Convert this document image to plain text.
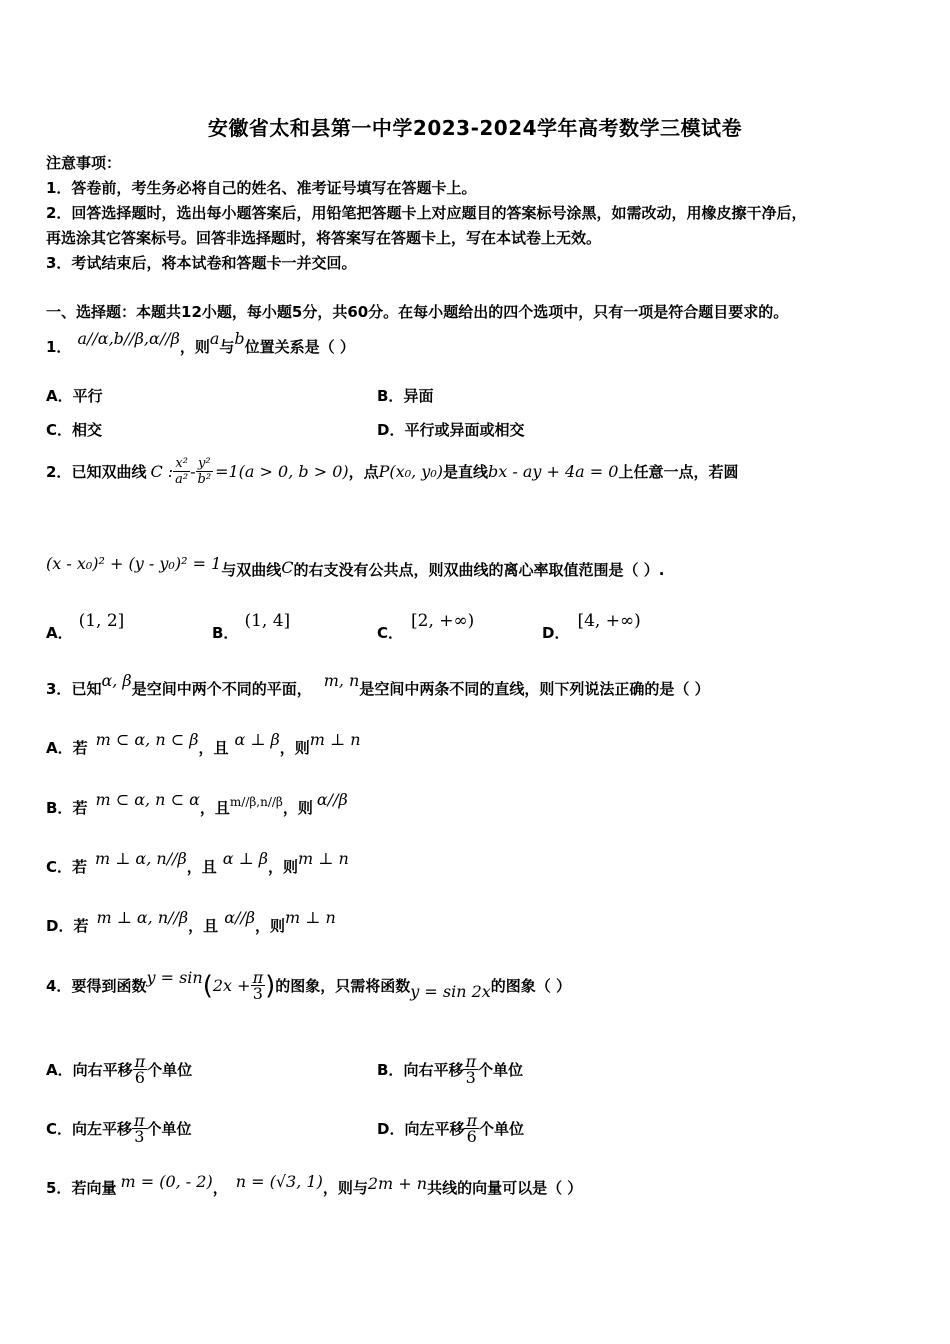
安徽省太和县第一中学2023-2024学年高考数学三模试卷
注意事项：
1．答卷前，考生务必将自己的姓名、准考证号填写在答题卡上。
2．回答选择题时，选出每小题答案后，用铅笔把答题卡上对应题目的答案标号涂黑，如需改动，用橡皮擦干净后，
再选涂其它答案标号。回答非选择题时，将答案写在答题卡上，写在本试卷上无效。
3．考试结束后，将本试卷和答题卡一并交回。
一、选择题：本题共12小题，每小题5分，共60分。在每小题给出的四个选项中，只有一项是符合题目要求的。
1． a//α,b//β,α//β ，则 a 与 b 位置关系是（ ）
A．平行	B．异面
C．相交	D．平行或异面或相交
2． 已知双曲线 C : $\frac{\text{x²}}{\text{a²}} - \frac{\text{y²}}{\text{b²}} =1(a > 0$, b > 0) ，点 P(x₀, y₀) 是直线 bx - ay + 4a = 0 上任意一点，若圆
(x - x₀)² + (y - y₀)² = 1 与双曲线 C 的右支没有公共点，则双曲线的离心率取值范围是（ ）.
A．
(1, 2]
B．
(1, 4]
C．
[2, +∞)
D．
[4, +∞)
3． 已知 α, β 是空间中两个不同的平面， m, n 是空间中两条不同的直线，则下列说法正确的是（ ）
A． 若 m ⊂ α, n ⊂ β ，且 α ⊥ β ，则 m ⊥ n
B． 若 m ⊂ α, n ⊂ α ，且 m//β,n//β ，则 α//β
C． 若 m ⊥ α, n//β ，且 α ⊥ β ，则 m ⊥ n
D． 若 m ⊥ α, n//β ，且 α//β ，则 m ⊥ n
4． 要得到函数 y = sin ( $2x + \frac{\pi}{3}$ ) 的图象，只需将函数 y = sin 2x 的图象（ ）
A． 向右平移 $\frac{\pi}{6}$ 个单位	B． 向右平移 $\frac{\pi}{3}$ 个单位
C． 向左平移 $\frac{\pi}{3}$ 个单位	D． 向左平移 $\frac{\pi}{6}$ 个单位
5． 若向量 m = (0, - 2) ， n = (√3, 1) ，则与 2m + n 共线的向量可以是（ ）
